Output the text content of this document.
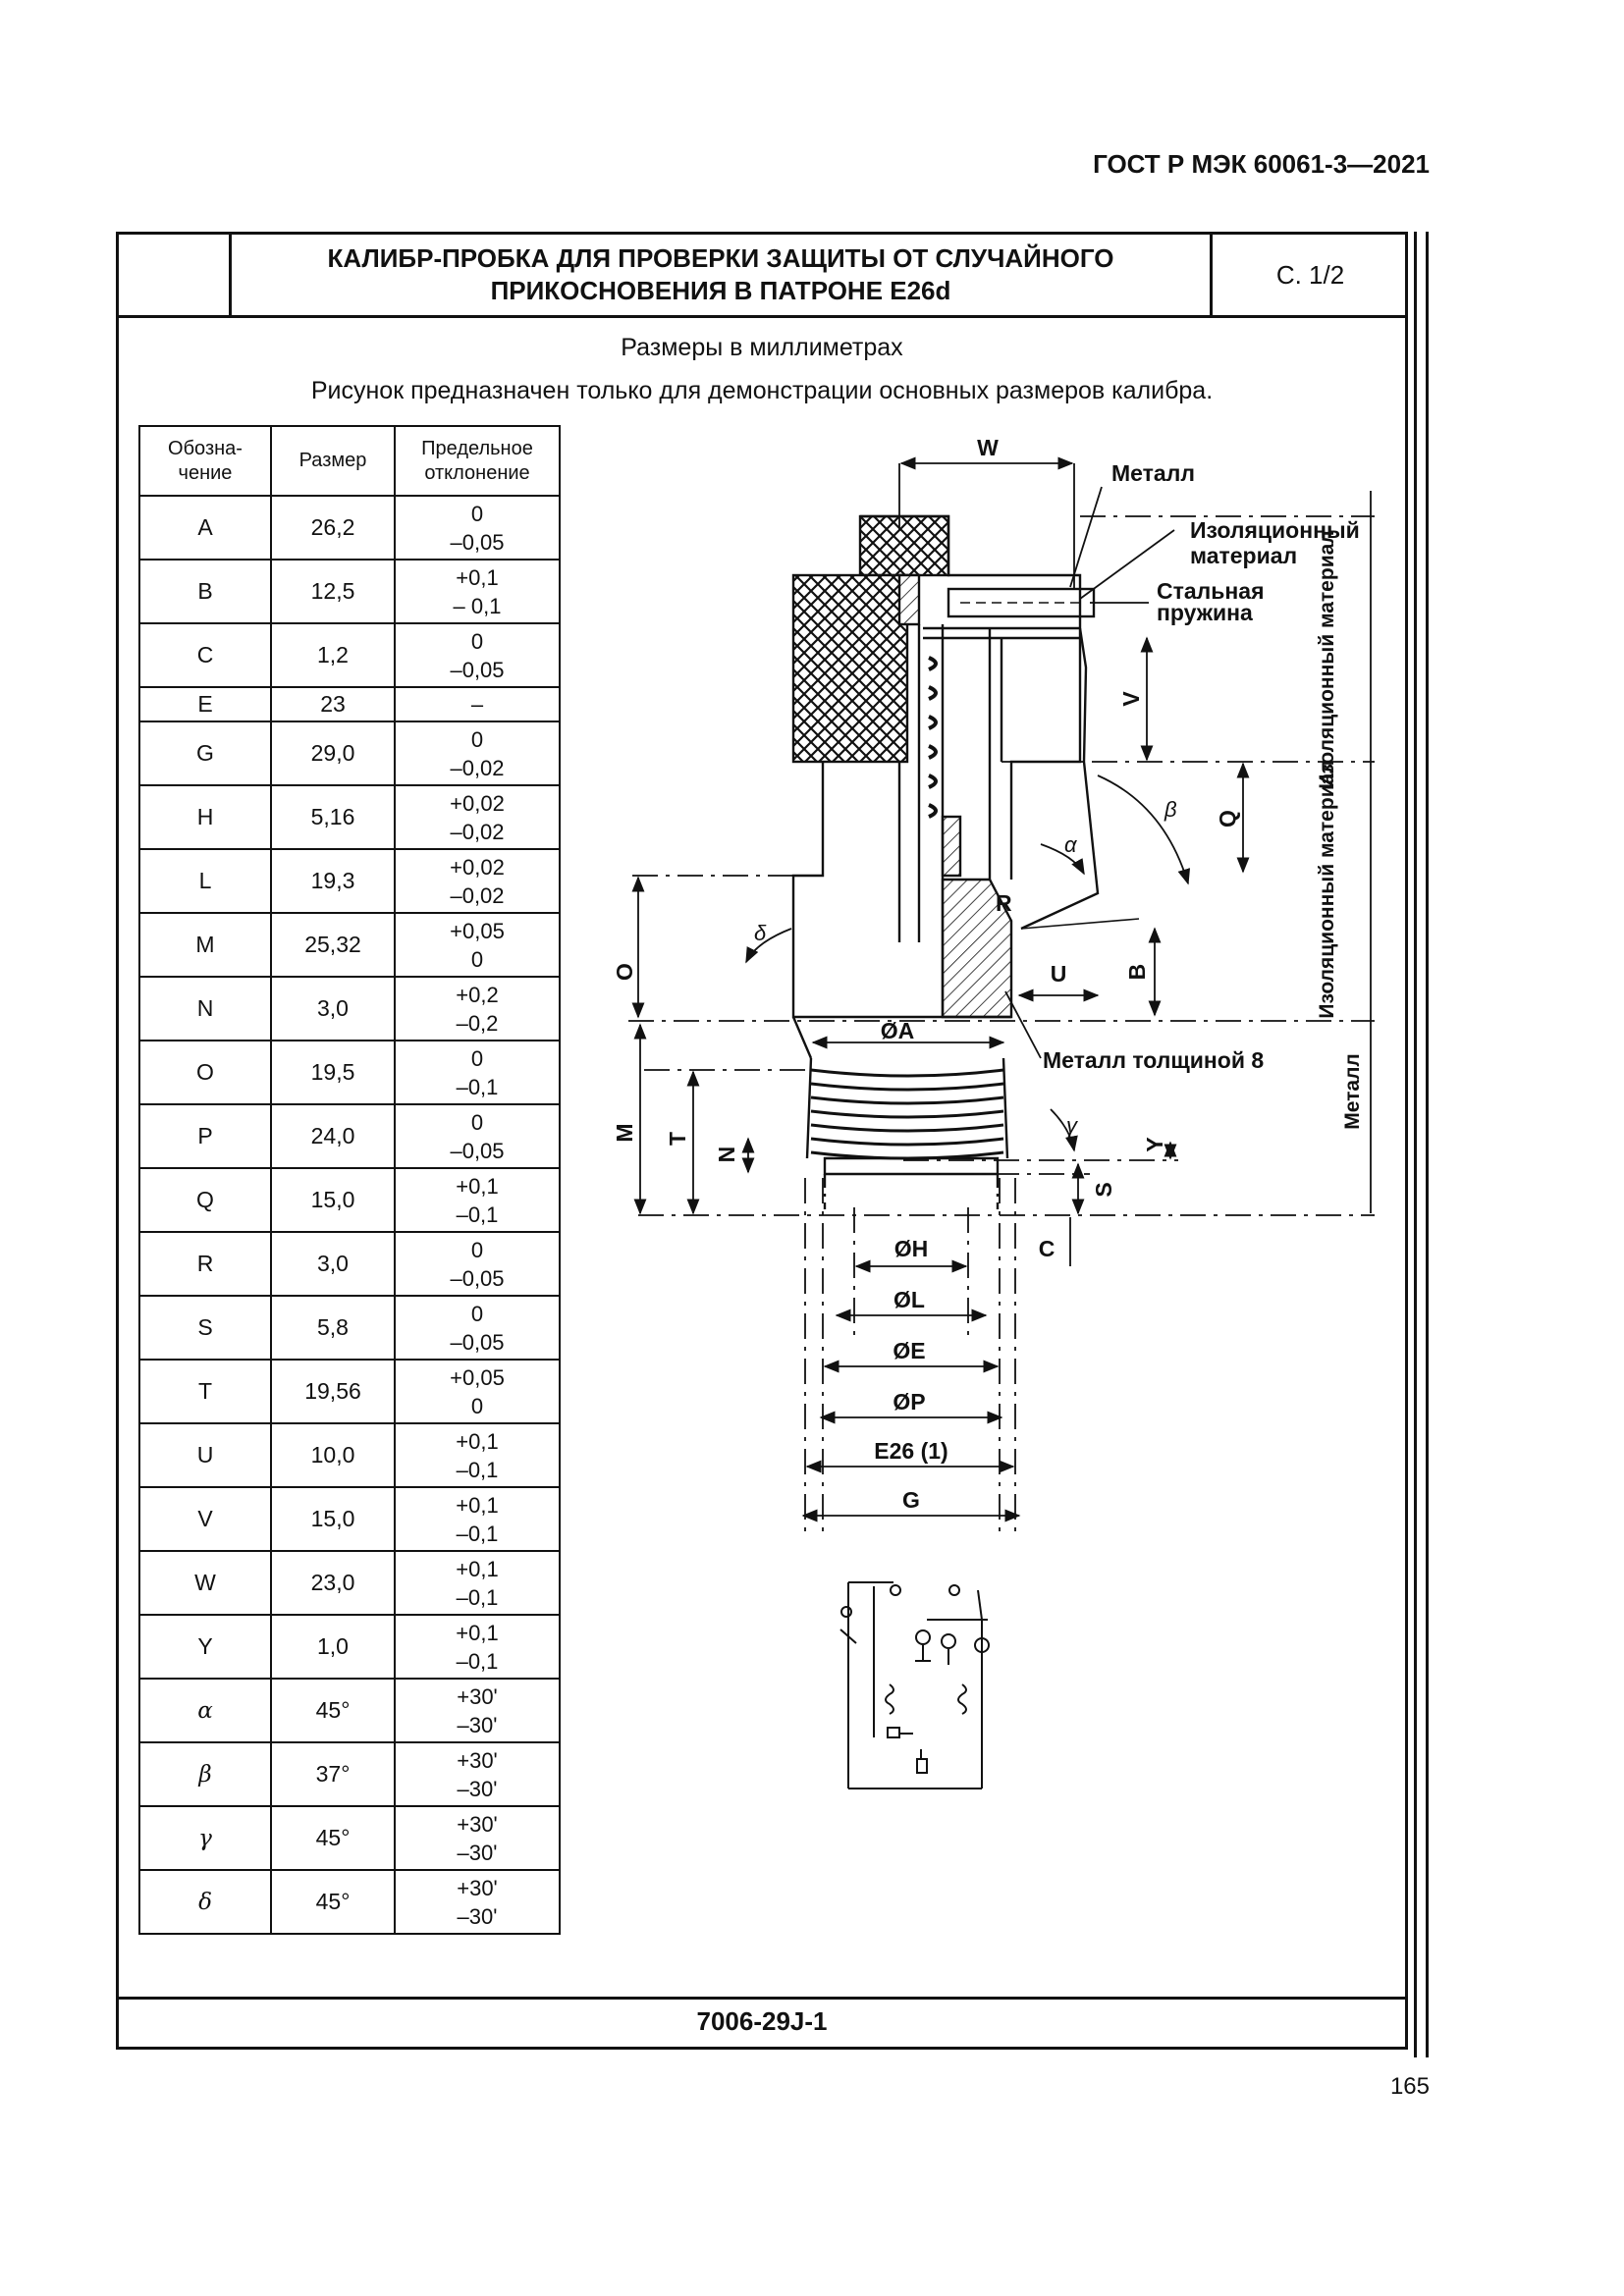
ГОСТ Р МЭК 60061-3—2021
КАЛИБР-ПРОБКА ДЛЯ ПРОВЕРКИ ЗАЩИТЫ ОТ СЛУЧАЙНОГО
ПРИКОСНОВЕНИЯ В ПАТРОНЕ E26d
С. 1/2
Размеры в миллиметрах
Рисунок предназначен только для демонстрации основных размеров калибра.
Обозна-
чение	Размер	Предельное
отклонение
A	26,2	0
–0,05
B	12,5	+0,1
– 0,1
C	1,2	0
–0,05
E	23	–
G	29,0	0
–0,02
H	5,16	+0,02
–0,02
L	19,3	+0,02
–0,02
M	25,32	+0,05
0
N	3,0	+0,2
–0,2
O	19,5	0
–0,1
P	24,0	0
–0,05
Q	15,0	+0,1
–0,1
R	3,0	0
–0,05
S	5,8	0
–0,05
T	19,56	+0,05
0
U	10,0	+0,1
–0,1
V	15,0	+0,1
–0,1
W	23,0	+0,1
–0,1
Y	1,0	+0,1
–0,1
α	45°	+30'
–30'
β	37°	+30'
–30'
γ	45°	+30'
–30'
δ	45°	+30'
–30'
W
Металл
Изоляционный
материал
Стальная
пружина
Металл толщиной 8
ØA
ØH
ØL
ØE
ØP
E26 (1)
G
R
U
C
V
Q
B
O
M T
N
Y
S
Изоляционный материал
Изоляционный материал
Металл
β
α
δ
γ
7006-29J-1
165
